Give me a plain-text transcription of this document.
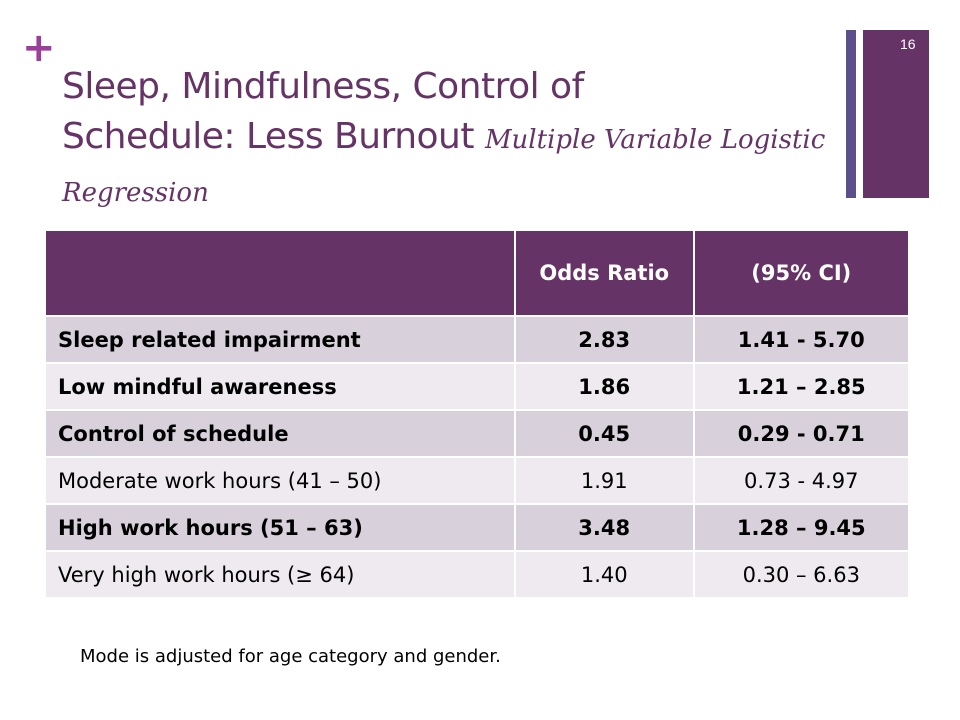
+	16
Sleep, Mindfulness, Control of
Schedule: Less Burnout Multiple Variable Logistic Regression
	Odds Ratio	(95% CI)
Sleep related impairment	2.83	1.41 - 5.70
Low mindful awareness	1.86	1.21 – 2.85
Control of schedule	0.45	0.29 - 0.71
Moderate work hours (41 – 50)	1.91	0.73 - 4.97
High work hours (51 – 63)	3.48	1.28 – 9.45
Very high work hours (≥ 64)	1.40	0.30 – 6.63
Mode is adjusted for age category and gender.
